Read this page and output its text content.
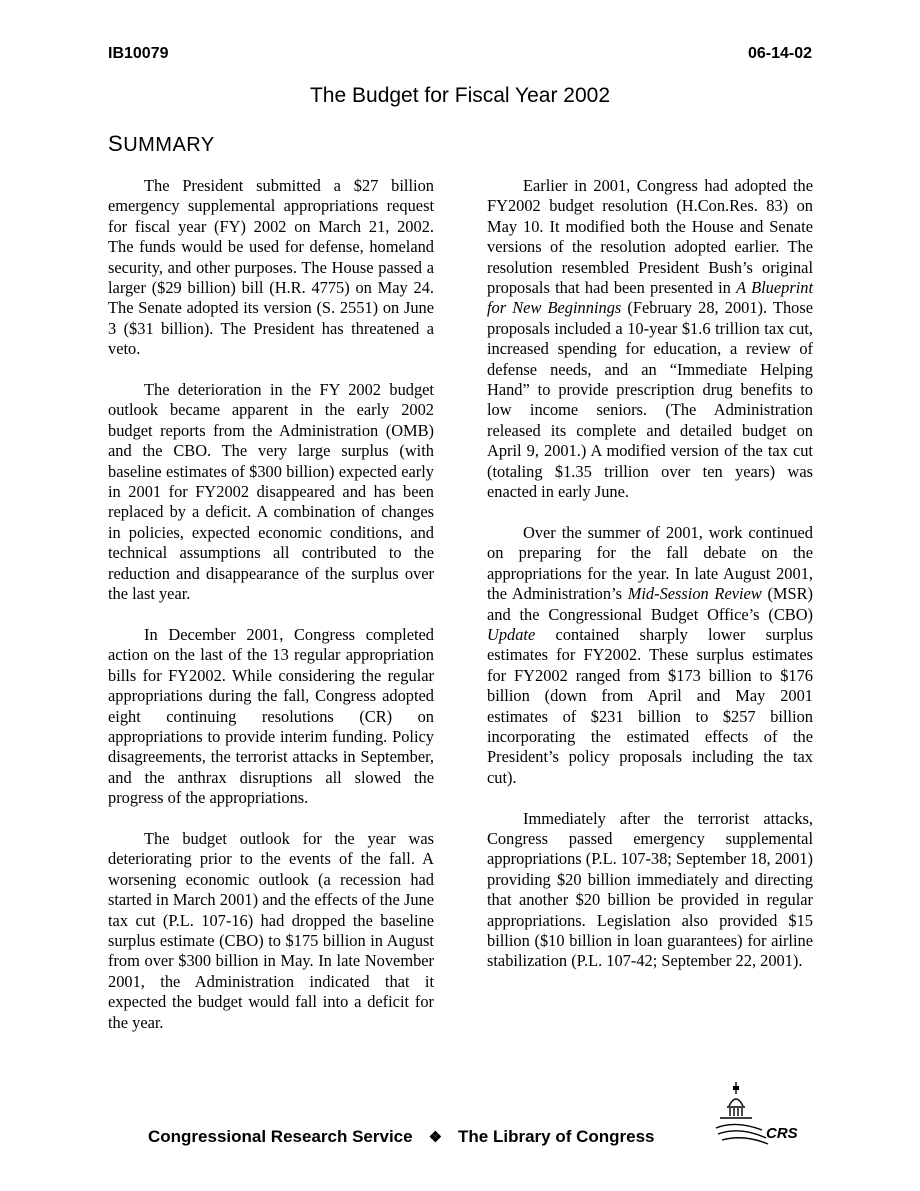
IB10079	06-14-02
The Budget for Fiscal Year 2002
SUMMARY

The President submitted a $27 billion emergency supplemental appropriations request for fiscal year (FY) 2002 on March 21, 2002. The funds would be used for defense, homeland security, and other purposes. The House passed a larger ($29 billion) bill (H.R. 4775) on May 24. The Senate adopted its version (S. 2551) on June 3 ($31 billion). The President has threatened a veto.

The deterioration in the FY 2002 budget outlook became apparent in the early 2002 budget reports from the Administration (OMB) and the CBO. The very large surplus (with baseline estimates of $300 billion) expected early in 2001 for FY2002 disappeared and has been replaced by a deficit. A combination of changes in policies, expected economic conditions, and technical assumptions all contributed to the reduction and disappearance of the surplus over the last year.

In December 2001, Congress completed action on the last of the 13 regular appropriation bills for FY2002. While considering the regular appropriations during the fall, Congress adopted eight continuing resolutions (CR) on appropriations to provide interim funding. Policy disagreements, the terrorist attacks in September, and the anthrax disruptions all slowed the progress of the appropriations.

The budget outlook for the year was deteriorating prior to the events of the fall. A worsening economic outlook (a recession had started in March 2001) and the effects of the June tax cut (P.L. 107-16) had dropped the baseline surplus estimate (CBO) to $175 billion in August from over $300 billion in May. In late November 2001, the Administration indicated that it expected the budget would fall into a deficit for the year.

Earlier in 2001, Congress had adopted the FY2002 budget resolution (H.Con.Res. 83) on May 10. It modified both the House and Senate versions of the resolution adopted earlier. The resolution resembled President Bush’s original proposals that had been presented in A Blueprint for New Beginnings (February 28, 2001). Those proposals included a 10-year $1.6 trillion tax cut, increased spending for education, a review of defense needs, and an “Immediate Helping Hand” to provide prescription drug benefits to low income seniors. (The Administration released its complete and detailed budget on April 9, 2001.) A modified version of the tax cut (totaling $1.35 trillion over ten years) was enacted in early June.

Over the summer of 2001, work continued on preparing for the fall debate on the appropriations for the year. In late August 2001, the Administration’s Mid-Session Review (MSR) and the Congressional Budget Office’s (CBO) Update contained sharply lower surplus estimates for FY2002. These surplus estimates for FY2002 ranged from $173 billion to $176 billion (down from April and May 2001 estimates of $231 billion to $257 billion incorporating the estimated effects of the President’s policy proposals including the tax cut).

Immediately after the terrorist attacks, Congress passed emergency supplemental appropriations (P.L. 107-38; September 18, 2001) providing $20 billion immediately and directing that another $20 billion be provided in regular appropriations. Legislation also provided $15 billion ($10 billion in loan guarantees) for airline stabilization (P.L. 107-42; September 22, 2001).

Congressional Research Service ❖ The Library of Congress	CRS
